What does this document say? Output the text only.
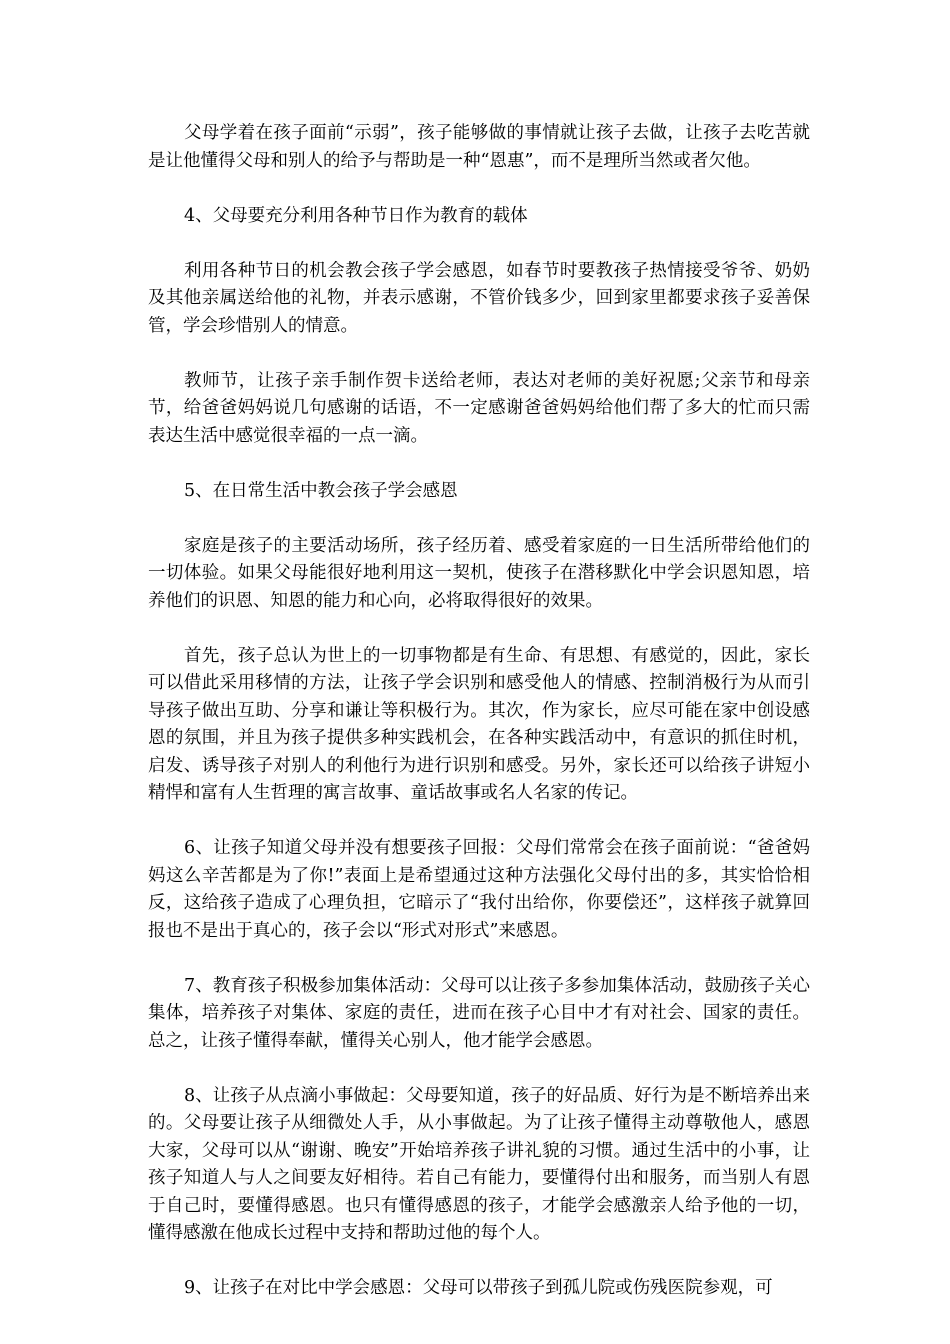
父母学着在孩子面前“示弱”，孩子能够做的事情就让孩子去做，让孩子去吃苦就是让他懂得父母和别人的给予与帮助是一种“恩惠”，而不是理所当然或者欠他。

4、父母要充分利用各种节日作为教育的载体

利用各种节日的机会教会孩子学会感恩，如春节时要教孩子热情接受爷爷、奶奶及其他亲属送给他的礼物，并表示感谢，不管价钱多少，回到家里都要求孩子妥善保管，学会珍惜别人的情意。

教师节，让孩子亲手制作贺卡送给老师，表达对老师的美好祝愿;父亲节和母亲节，给爸爸妈妈说几句感谢的话语，不一定感谢爸爸妈妈给他们帮了多大的忙而只需表达生活中感觉很幸福的一点一滴。

5、在日常生活中教会孩子学会感恩

家庭是孩子的主要活动场所，孩子经历着、感受着家庭的一日生活所带给他们的一切体验。如果父母能很好地利用这一契机，使孩子在潜移默化中学会识恩知恩，培养他们的识恩、知恩的能力和心向，必将取得很好的效果。

首先，孩子总认为世上的一切事物都是有生命、有思想、有感觉的，因此，家长可以借此采用移情的方法，让孩子学会识别和感受他人的情感、控制消极行为从而引导孩子做出互助、分享和谦让等积极行为。其次，作为家长，应尽可能在家中创设感恩的氛围，并且为孩子提供多种实践机会，在各种实践活动中，有意识的抓住时机，启发、诱导孩子对别人的利他行为进行识别和感受。另外，家长还可以给孩子讲短小精悍和富有人生哲理的寓言故事、童话故事或名人名家的传记。

6、让孩子知道父母并没有想要孩子回报：父母们常常会在孩子面前说：“爸爸妈妈这么辛苦都是为了你!”表面上是希望通过这种方法强化父母付出的多，其实恰恰相反，这给孩子造成了心理负担，它暗示了“我付出给你，你要偿还”，这样孩子就算回报也不是出于真心的，孩子会以“形式对形式”来感恩。

7、教育孩子积极参加集体活动：父母可以让孩子多参加集体活动，鼓励孩子关心集体，培养孩子对集体、家庭的责任，进而在孩子心目中才有对社会、国家的责任。总之，让孩子懂得奉献，懂得关心别人，他才能学会感恩。

8、让孩子从点滴小事做起：父母要知道，孩子的好品质、好行为是不断培养出来的。父母要让孩子从细微处人手，从小事做起。为了让孩子懂得主动尊敬他人，感恩大家，父母可以从“谢谢、晚安”开始培养孩子讲礼貌的习惯。通过生活中的小事，让孩子知道人与人之间要友好相待。若自己有能力，要懂得付出和服务，而当别人有恩于自己时，要懂得感恩。也只有懂得感恩的孩子，才能学会感激亲人给予他的一切，懂得感激在他成长过程中支持和帮助过他的每个人。

9、让孩子在对比中学会感恩：父母可以带孩子到孤儿院或伤残医院参观，可
